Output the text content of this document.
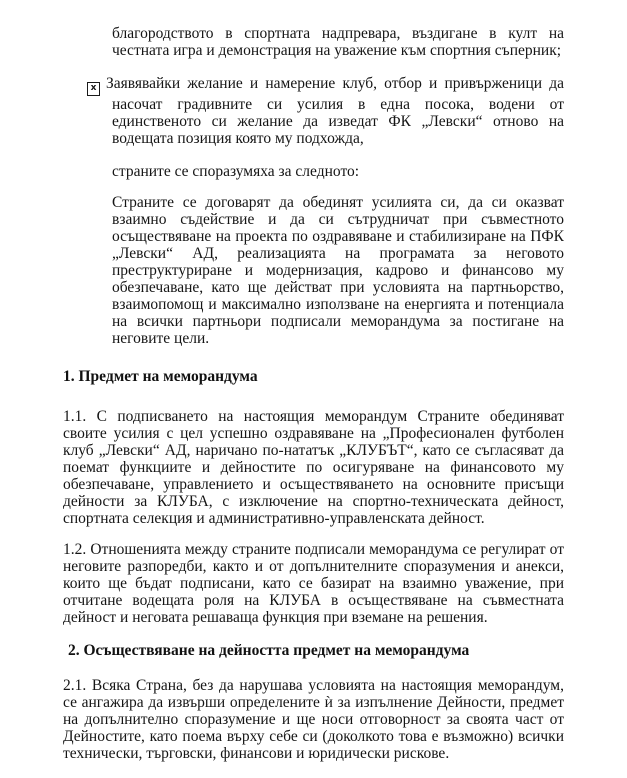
благородството в спортната надпревара, въздигане в култ на честната игра и демонстрация на уважение към спортния съперник;

x Заявявайки желание и намерение клуб, отбор и привърженици да насочат градивните си усилия в една посока, водени от единственото си желание да изведат ФК „Левски“ отново на водещата позиция която му подхожда,

страните се споразумяха за следното:

Страните се договарят да обединят усилията си, да си оказват взаимно съдействие и да си сътрудничат при съвместното осъществяване на проекта по оздравяване и стабилизиране на ПФК „Левски“ АД, реализацията на програмата за неговото преструктуриране и модернизация, кадрово и финансово му обезпечаване, като ще действат при условията на партньорство, взаимопомощ и максимално използване на енергията и потенциала на всички партньори подписали меморандума за постигане на неговите цели.

1. Предмет на меморандума

1.1. С подписването на настоящия меморандум Страните обединяват своите усилия с цел успешно оздравяване на „Професионален футболен клуб „Левски“ АД, наричано по-нататък „КЛУБЪТ“, като се съгласяват да поемат функциите и дейностите по осигуряване на финансовото му обезпечаване, управлението и осъществяването на основните присъщи дейности за КЛУБА, с изключение на спортно-техническата дейност, спортната селекция и административно-управленската дейност.

1.2. Отношенията между страните подписали меморандума се регулират от неговите разпоредби, както и от допълнителните споразумения и анекси, които ще бъдат подписани, като се базират на взаимно уважение, при отчитане водещата роля на КЛУБА в осъществяване на съвместната дейност и неговата решаваща функция при вземане на решения.

2. Осъществяване на дейността предмет на меморандума

2.1. Всяка Страна, без да нарушава условията на настоящия меморандум, се ангажира да извърши определените ѝ за изпълнение Дейности, предмет на допълнително споразумение и ще носи отговорност за своята част от Дейностите, като поема върху себе си (доколкото това е възможно) всички технически, търговски, финансови и юридически рискове.
